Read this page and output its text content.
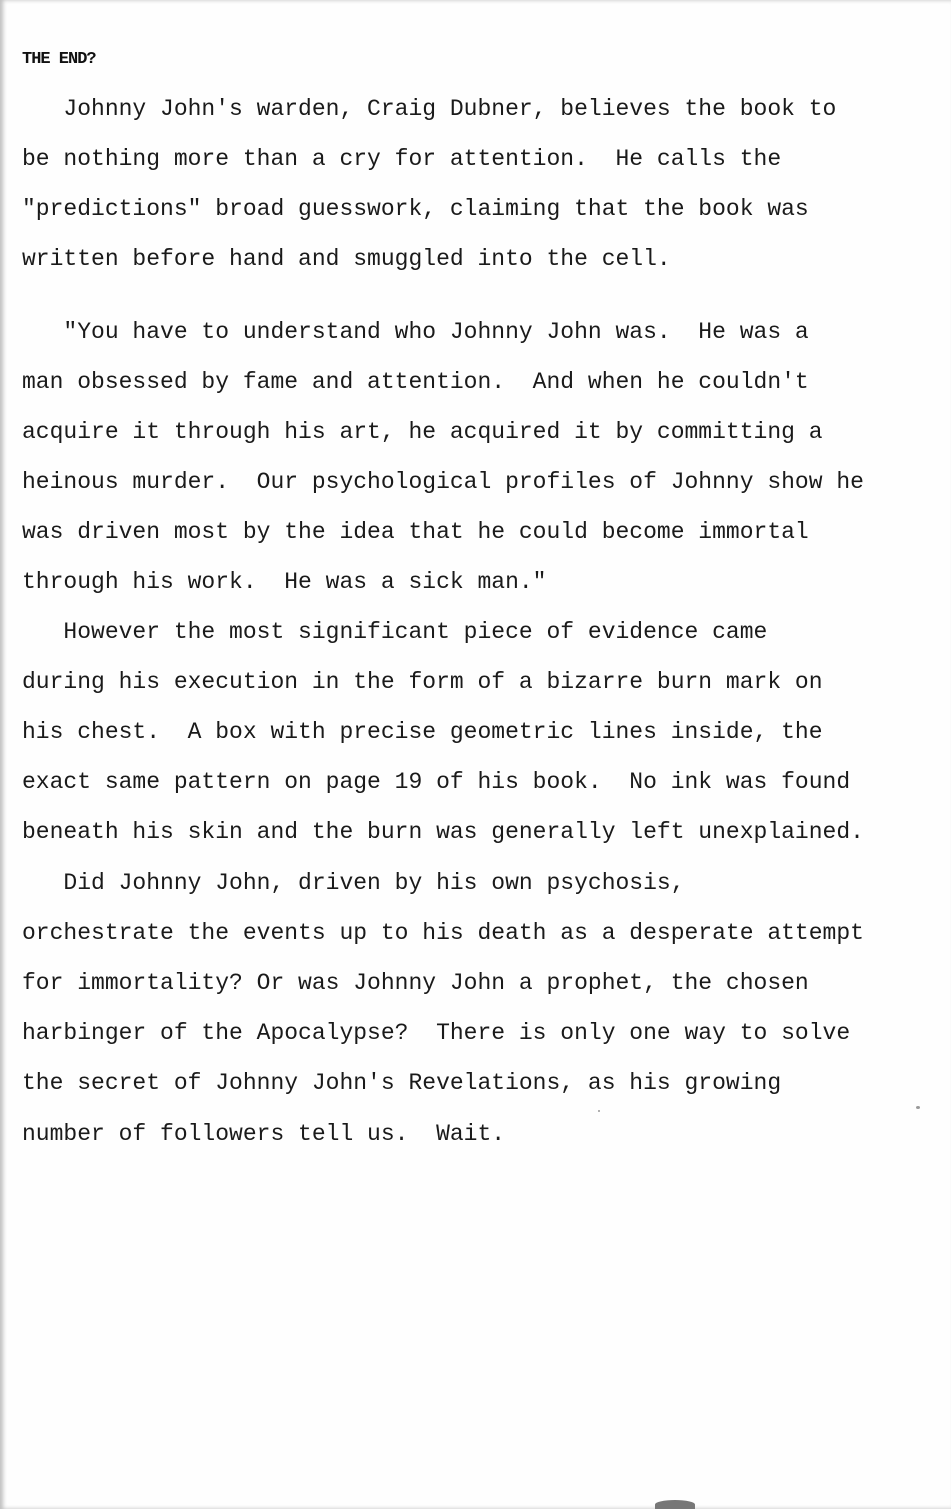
THE END?

Johnny John's warden, Craig Dubner, believes the book to

be nothing more than a cry for attention.  He calls the

"predictions" broad guesswork, claiming that the book was

written before hand and smuggled into the cell.

"You have to understand who Johnny John was.  He was a

man obsessed by fame and attention.  And when he couldn't

acquire it through his art, he acquired it by committing a

heinous murder.  Our psychological profiles of Johnny show he

was driven most by the idea that he could become immortal

through his work.  He was a sick man."

However the most significant piece of evidence came

during his execution in the form of a bizarre burn mark on

his chest.  A box with precise geometric lines inside, the

exact same pattern on page 19 of his book.  No ink was found

beneath his skin and the burn was generally left unexplained.

Did Johnny John, driven by his own psychosis,

orchestrate the events up to his death as a desperate attempt

for immortality? Or was Johnny John a prophet, the chosen

harbinger of the Apocalypse?  There is only one way to solve

the secret of Johnny John's Revelations, as his growing

number of followers tell us.  Wait.
